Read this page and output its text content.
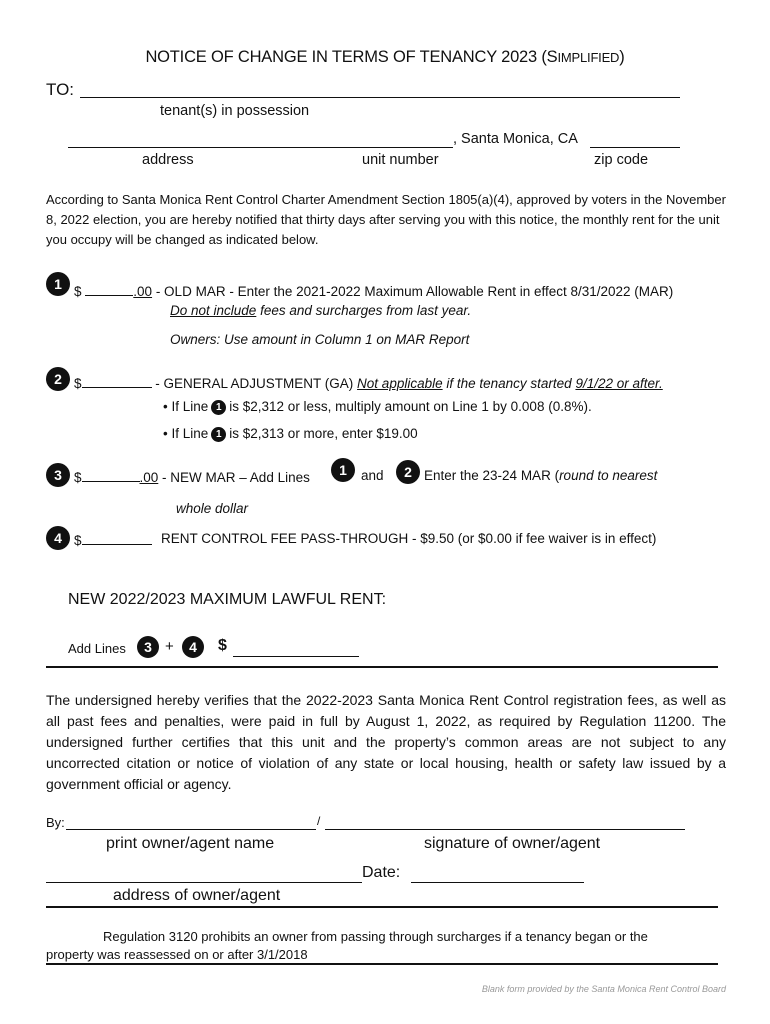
NOTICE OF CHANGE IN TERMS OF TENANCY 2023 (SIMPLIFIED)
TO:
tenant(s) in possession
, Santa Monica, CA
address	unit number	zip code
According to Santa Monica Rent Control Charter Amendment Section 1805(a)(4), approved by voters in the November 8, 2022 election, you are hereby notified that thirty days after serving you with this notice, the monthly rent for the unit you occupy will be changed as indicated below.
1 $	.00 - OLD MAR - Enter the 2021-2022 Maximum Allowable Rent in effect 8/31/2022 (MAR)
Do not include fees and surcharges from last year.
Owners: Use amount in Column 1 on MAR Report
2 $	- GENERAL ADJUSTMENT (GA) Not applicable if the tenancy started 9/1/22 or after.
• If Line 1 is $2,312 or less, multiply amount on Line 1 by 0.008 (0.8%).
• If Line 1 is $2,313 or more, enter $19.00
3 $	.00 - NEW MAR – Add Lines	1	and	2 Enter the 23-24 MAR (round to nearest
whole dollar
4 $	RENT CONTROL FEE PASS-THROUGH - $9.50 (or $0.00 if fee waiver is in effect)
NEW 2022/2023 MAXIMUM LAWFUL RENT:
Add Lines	3 +	4	$
The undersigned hereby verifies that the 2022-2023 Santa Monica Rent Control registration fees, as well as all past fees and penalties, were paid in full by August 1, 2022, as required by Regulation 11200. The undersigned further certifies that this unit and the property’s common areas are not subject to any uncorrected citation or notice of violation of any state or local housing, health or safety law issued by a government official or agency.
By:	/
print owner/agent name	signature of owner/agent
Date:
address of owner/agent
Regulation 3120 prohibits an owner from passing through surcharges if a tenancy began or the
property was reassessed on or after 3/1/2018
Blank form provided by the Santa Monica Rent Control Board
